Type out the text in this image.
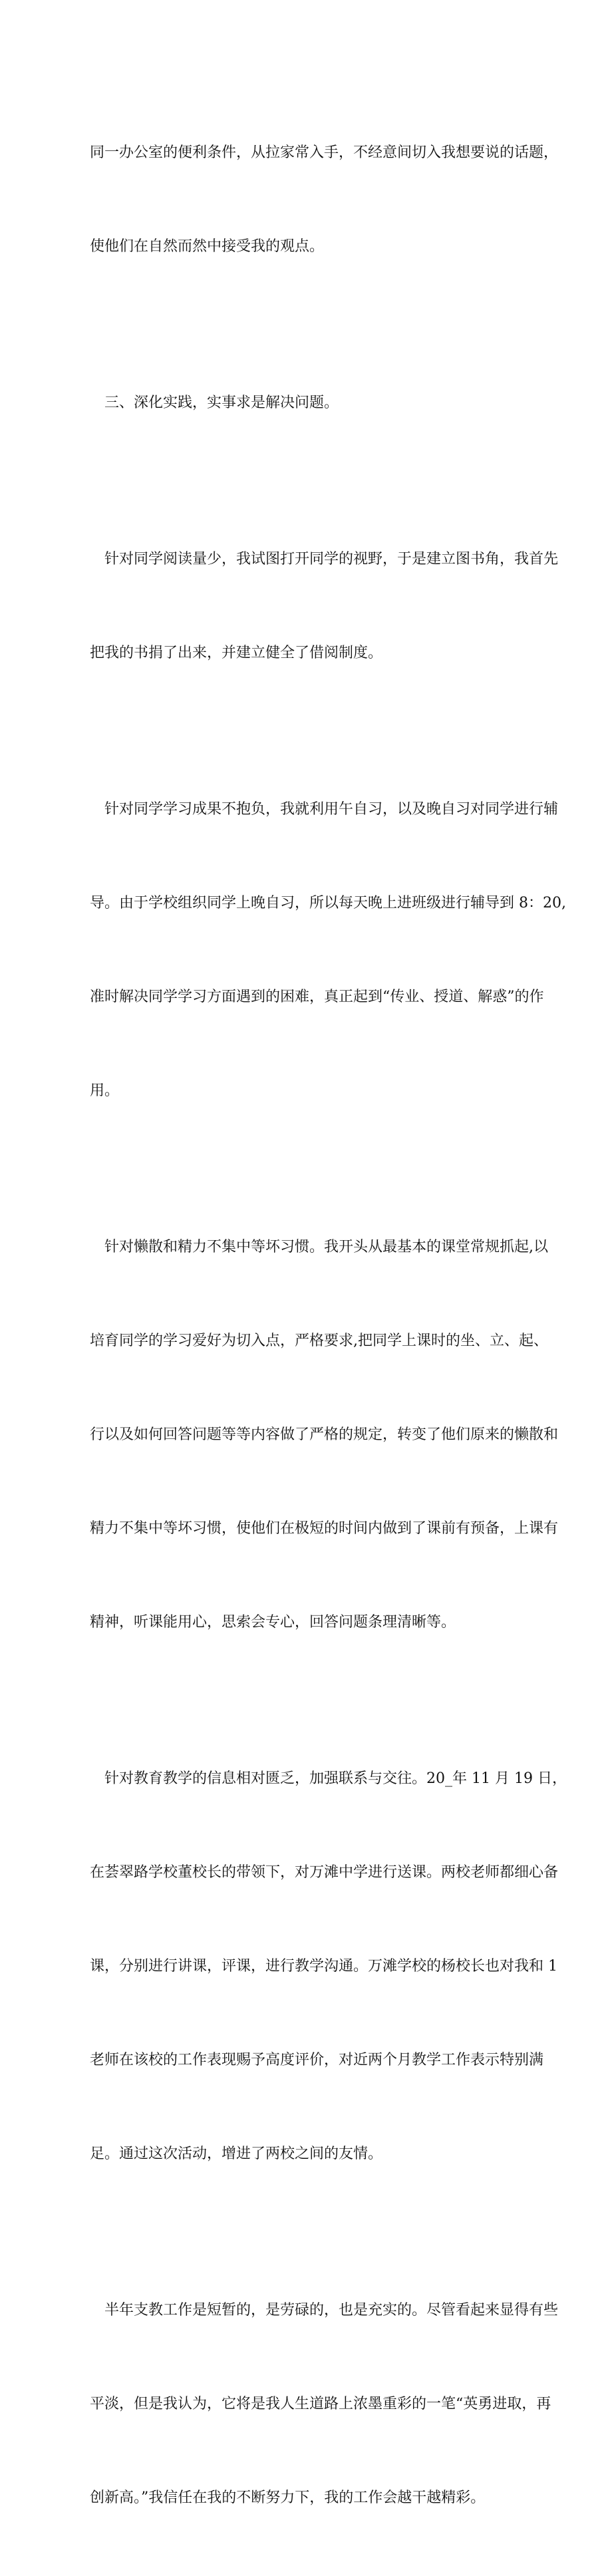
同一办公室的便利条件，从拉家常入手，不经意间切入我想要说的话题，

使他们在自然而然中接受我的观点。

　三、深化实践，实事求是解决问题。

　针对同学阅读量少，我试图打开同学的视野，于是建立图书角，我首先

把我的书捐了出来，并建立健全了借阅制度。

　针对同学学习成果不抱负，我就利用午自习，以及晚自习对同学进行辅

导。由于学校组织同学上晚自习，所以每天晚上进班级进行辅导到 8：20,

准时解决同学学习方面遇到的困难，真正起到“传业、授道、解惑”的作

用。

　针对懒散和精力不集中等坏习惯。我开头从最基本的课堂常规抓起,以

培育同学的学习爱好为切入点，严格要求,把同学上课时的坐、立、起、

行以及如何回答问题等等内容做了严格的规定，转变了他们原来的懒散和

精力不集中等坏习惯，使他们在极短的时间内做到了课前有预备，上课有

精神，听课能用心，思索会专心，回答问题条理清晰等。

　针对教育教学的信息相对匮乏，加强联系与交往。20_年 11 月 19 日，

在荟翠路学校董校长的带领下，对万滩中学进行送课。两校老师都细心备

课，分别进行讲课，评课，进行教学沟通。万滩学校的杨校长也对我和 1

老师在该校的工作表现赐予高度评价，对近两个月教学工作表示特别满

足。通过这次活动，增进了两校之间的友情。

　半年支教工作是短暂的，是劳碌的，也是充实的。尽管看起来显得有些

平淡，但是我认为，它将是我人生道路上浓墨重彩的一笔“英勇进取，再

创新高。”我信任在我的不断努力下，我的工作会越干越精彩。
